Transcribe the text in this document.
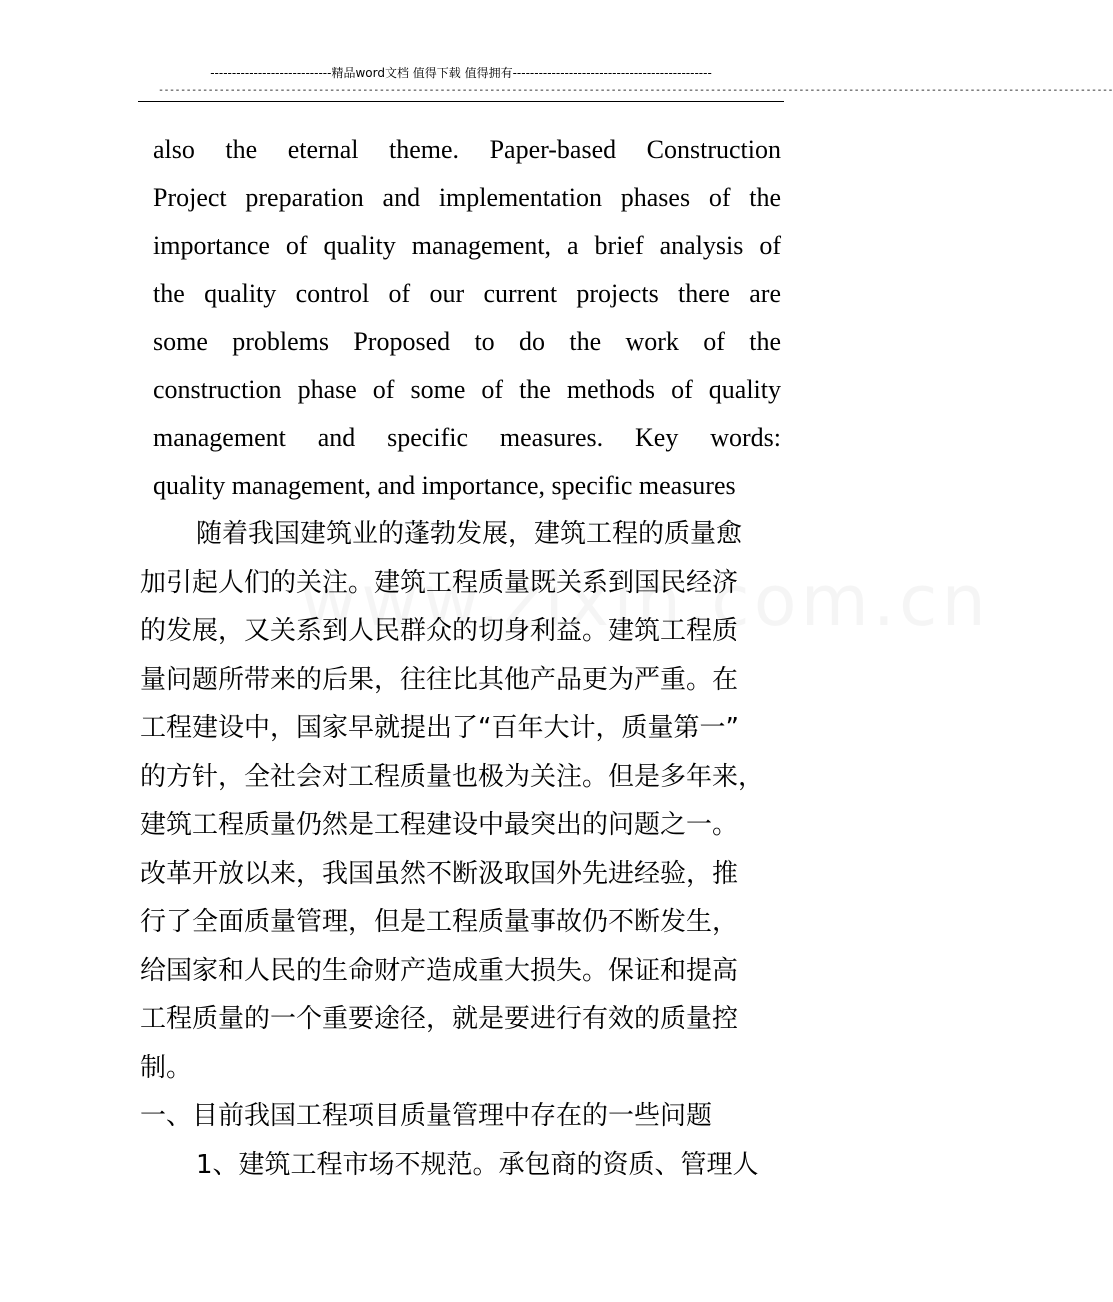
----------------------------精品word文档 值得下载 值得拥有----------------------------------------------
-----------------------------------------------------------------------------------------------------------------------------------------------------------------------------
also the eternal theme. Paper-based Construction
Project preparation and implementation phases of the
importance of quality management, a brief analysis of
the quality control of our current projects there are
some problems Proposed to do the work of the
construction phase of some of the methods of quality
management and specific measures. Key words:
quality management, and importance, specific measures
随着我国建筑业的蓬勃发展，建筑工程的质量愈
加引起人们的关注。建筑工程质量既关系到国民经济
的发展，又关系到人民群众的切身利益。建筑工程质
量问题所带来的后果，往往比其他产品更为严重。在
工程建设中，国家早就提出了“百年大计，质量第一”
的方针，全社会对工程质量也极为关注。但是多年来，
建筑工程质量仍然是工程建设中最突出的问题之一。
改革开放以来，我国虽然不断汲取国外先进经验，推
行了全面质量管理，但是工程质量事故仍不断发生，
给国家和人民的生命财产造成重大损失。保证和提高
工程质量的一个重要途径，就是要进行有效的质量控
制。
一、目前我国工程项目质量管理中存在的一些问题
1、建筑工程市场不规范。承包商的资质、管理人
